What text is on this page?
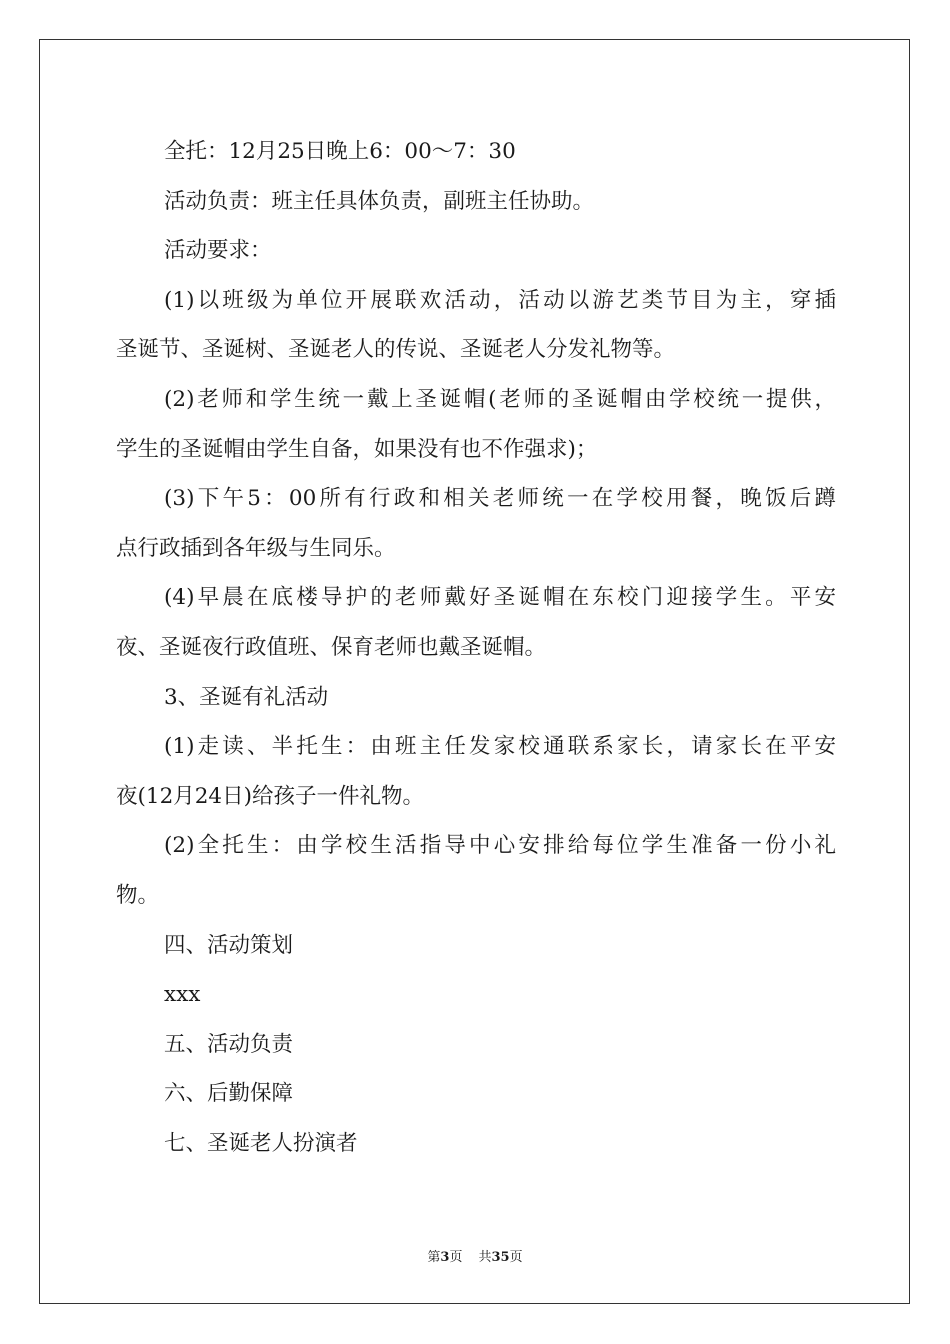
全托：12月25日晚上6：00～7：30
活动负责：班主任具体负责，副班主任协助。
活动要求：
(1)以班级为单位开展联欢活动，活动以游艺类节目为主，穿插
圣诞节、圣诞树、圣诞老人的传说、圣诞老人分发礼物等。
(2)老师和学生统一戴上圣诞帽(老师的圣诞帽由学校统一提供，
学生的圣诞帽由学生自备，如果没有也不作强求)；
(3)下午5：00所有行政和相关老师统一在学校用餐，晚饭后蹲
点行政插到各年级与生同乐。
(4)早晨在底楼导护的老师戴好圣诞帽在东校门迎接学生。平安
夜、圣诞夜行政值班、保育老师也戴圣诞帽。
3、圣诞有礼活动
(1)走读、半托生：由班主任发家校通联系家长，请家长在平安
夜(12月24日)给孩子一件礼物。
(2)全托生：由学校生活指导中心安排给每位学生准备一份小礼
物。
四、活动策划
xxx
五、活动负责
六、后勤保障
七、圣诞老人扮演者
第3页 共35页
